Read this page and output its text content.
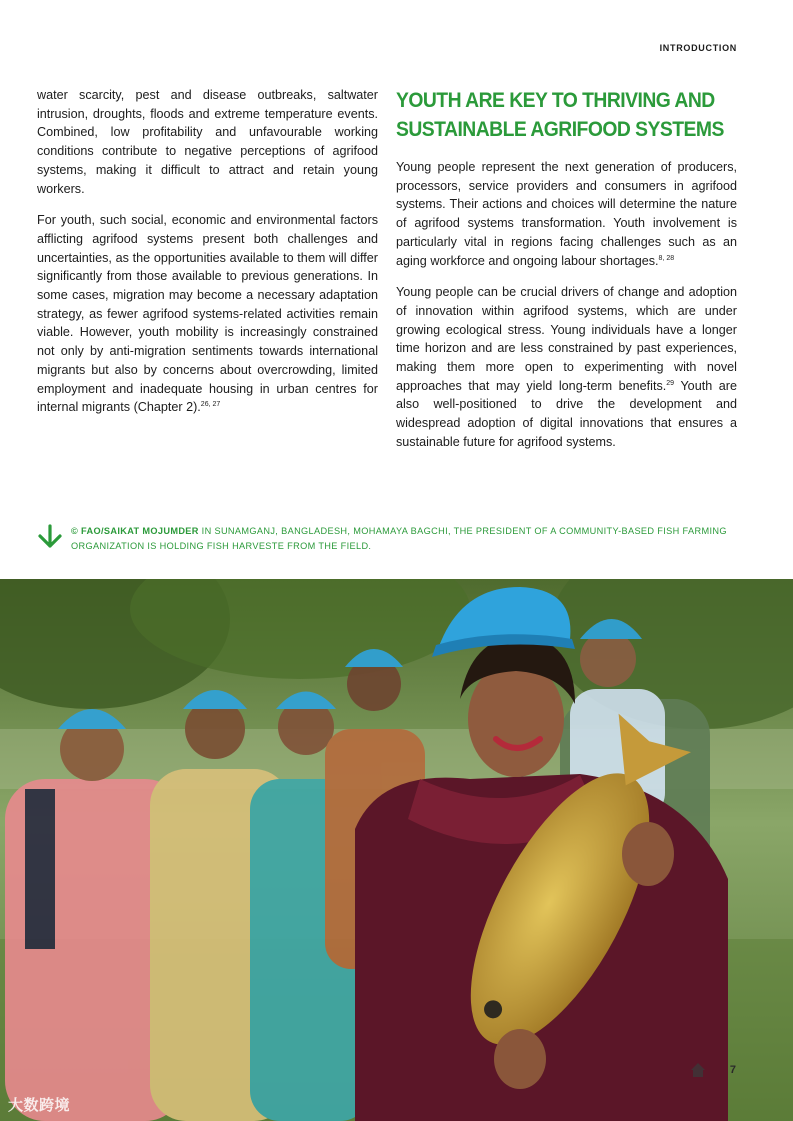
INTRODUCTION

water scarcity, pest and disease outbreaks, saltwater intrusion, droughts, floods and extreme temperature events. Combined, low profitability and unfavourable working conditions contribute to negative perceptions of agrifood systems, making it difficult to attract and retain young workers.

For youth, such social, economic and environmental factors afflicting agrifood systems present both challenges and uncertainties, as the opportunities available to them will differ significantly from those available to previous generations. In some cases, migration may become a necessary adaptation strategy, as fewer agrifood systems-related activities remain viable. However, youth mobility is increasingly constrained not only by anti-migration sentiments towards international migrants but also by concerns about overcrowding, limited employment and inadequate housing in urban centres for internal migrants (Chapter 2).$^{26, 27}$

YOUTH ARE KEY TO THRIVING AND
SUSTAINABLE AGRIFOOD SYSTEMS

Young people represent the next generation of producers, processors, service providers and consumers in agrifood systems. Their actions and choices will determine the nature of agrifood systems transformation. Youth involvement is particularly vital in regions facing challenges such as an aging workforce and ongoing labour shortages.$^{8, 28}$

Young people can be crucial drivers of change and adoption of innovation within agrifood systems, which are under growing ecological stress. Young individuals have a longer time horizon and are less constrained by past experiences, making them more open to experimenting with novel approaches that may yield long-term benefits.$^{29}$ Youth are also well-positioned to drive the development and widespread adoption of digital innovations that ensures a sustainable future for agrifood systems.

© FAO/SAIKAT MOJUMDER IN SUNAMGANJ, BANGLADESH, MOHAMAYA BAGCHI, THE PRESIDENT OF A COMMUNITY-BASED FISH FARMING ORGANIZATION IS HOLDING FISH HARVESTE FROM THE FIELD.
7
大数跨境
